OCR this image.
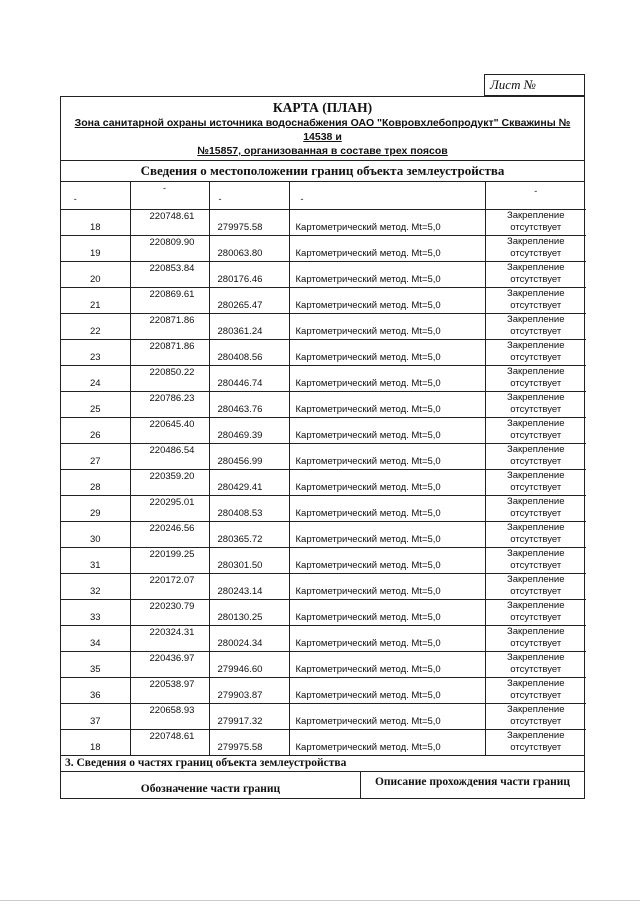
Лист №
КАРТА (ПЛАН)
Зона санитарной охраны источника водоснабжения ОАО "Ковровхлебопродукт" Скважины № 14538 и
№15857, организованная в составе трех поясов
Сведения о местоположении границ объекта землеустройства
-	-	-	-	-

18	220748.61	279975.58	Картометрический метод. Mt=5,0	Закрепление отсутствует

19	220809.90	280063.80	Картометрический метод. Mt=5,0	Закрепление отсутствует

20	220853.84	280176.46	Картометрический метод. Mt=5,0	Закрепление отсутствует

21	220869.61	280265.47	Картометрический метод. Mt=5,0	Закрепление отсутствует

22	220871.86	280361.24	Картометрический метод. Mt=5,0	Закрепление отсутствует

23	220871.86	280408.56	Картометрический метод. Mt=5,0	Закрепление отсутствует

24	220850.22	280446.74	Картометрический метод. Mt=5,0	Закрепление отсутствует

25	220786.23	280463.76	Картометрический метод. Mt=5,0	Закрепление отсутствует

26	220645.40	280469.39	Картометрический метод. Mt=5,0	Закрепление отсутствует

27	220486.54	280456.99	Картометрический метод. Mt=5,0	Закрепление отсутствует

28	220359.20	280429.41	Картометрический метод. Mt=5,0	Закрепление отсутствует

29	220295.01	280408.53	Картометрический метод. Mt=5,0	Закрепление отсутствует

30	220246.56	280365.72	Картометрический метод. Mt=5,0	Закрепление отсутствует

31	220199.25	280301.50	Картометрический метод. Mt=5,0	Закрепление отсутствует

32	220172.07	280243.14	Картометрический метод. Mt=5,0	Закрепление отсутствует

33	220230.79	280130.25	Картометрический метод. Mt=5,0	Закрепление отсутствует

34	220324.31	280024.34	Картометрический метод. Mt=5,0	Закрепление отсутствует

35	220436.97	279946.60	Картометрический метод. Mt=5,0	Закрепление отсутствует

36	220538.97	279903.87	Картометрический метод. Mt=5,0	Закрепление отсутствует

37	220658.93	279917.32	Картометрический метод. Mt=5,0	Закрепление отсутствует

18	220748.61	279975.58	Картометрический метод. Mt=5,0	Закрепление отсутствует
3. Сведения о частях границ объекта землеустройства
Обозначение части границ
Описание прохождения части границ
